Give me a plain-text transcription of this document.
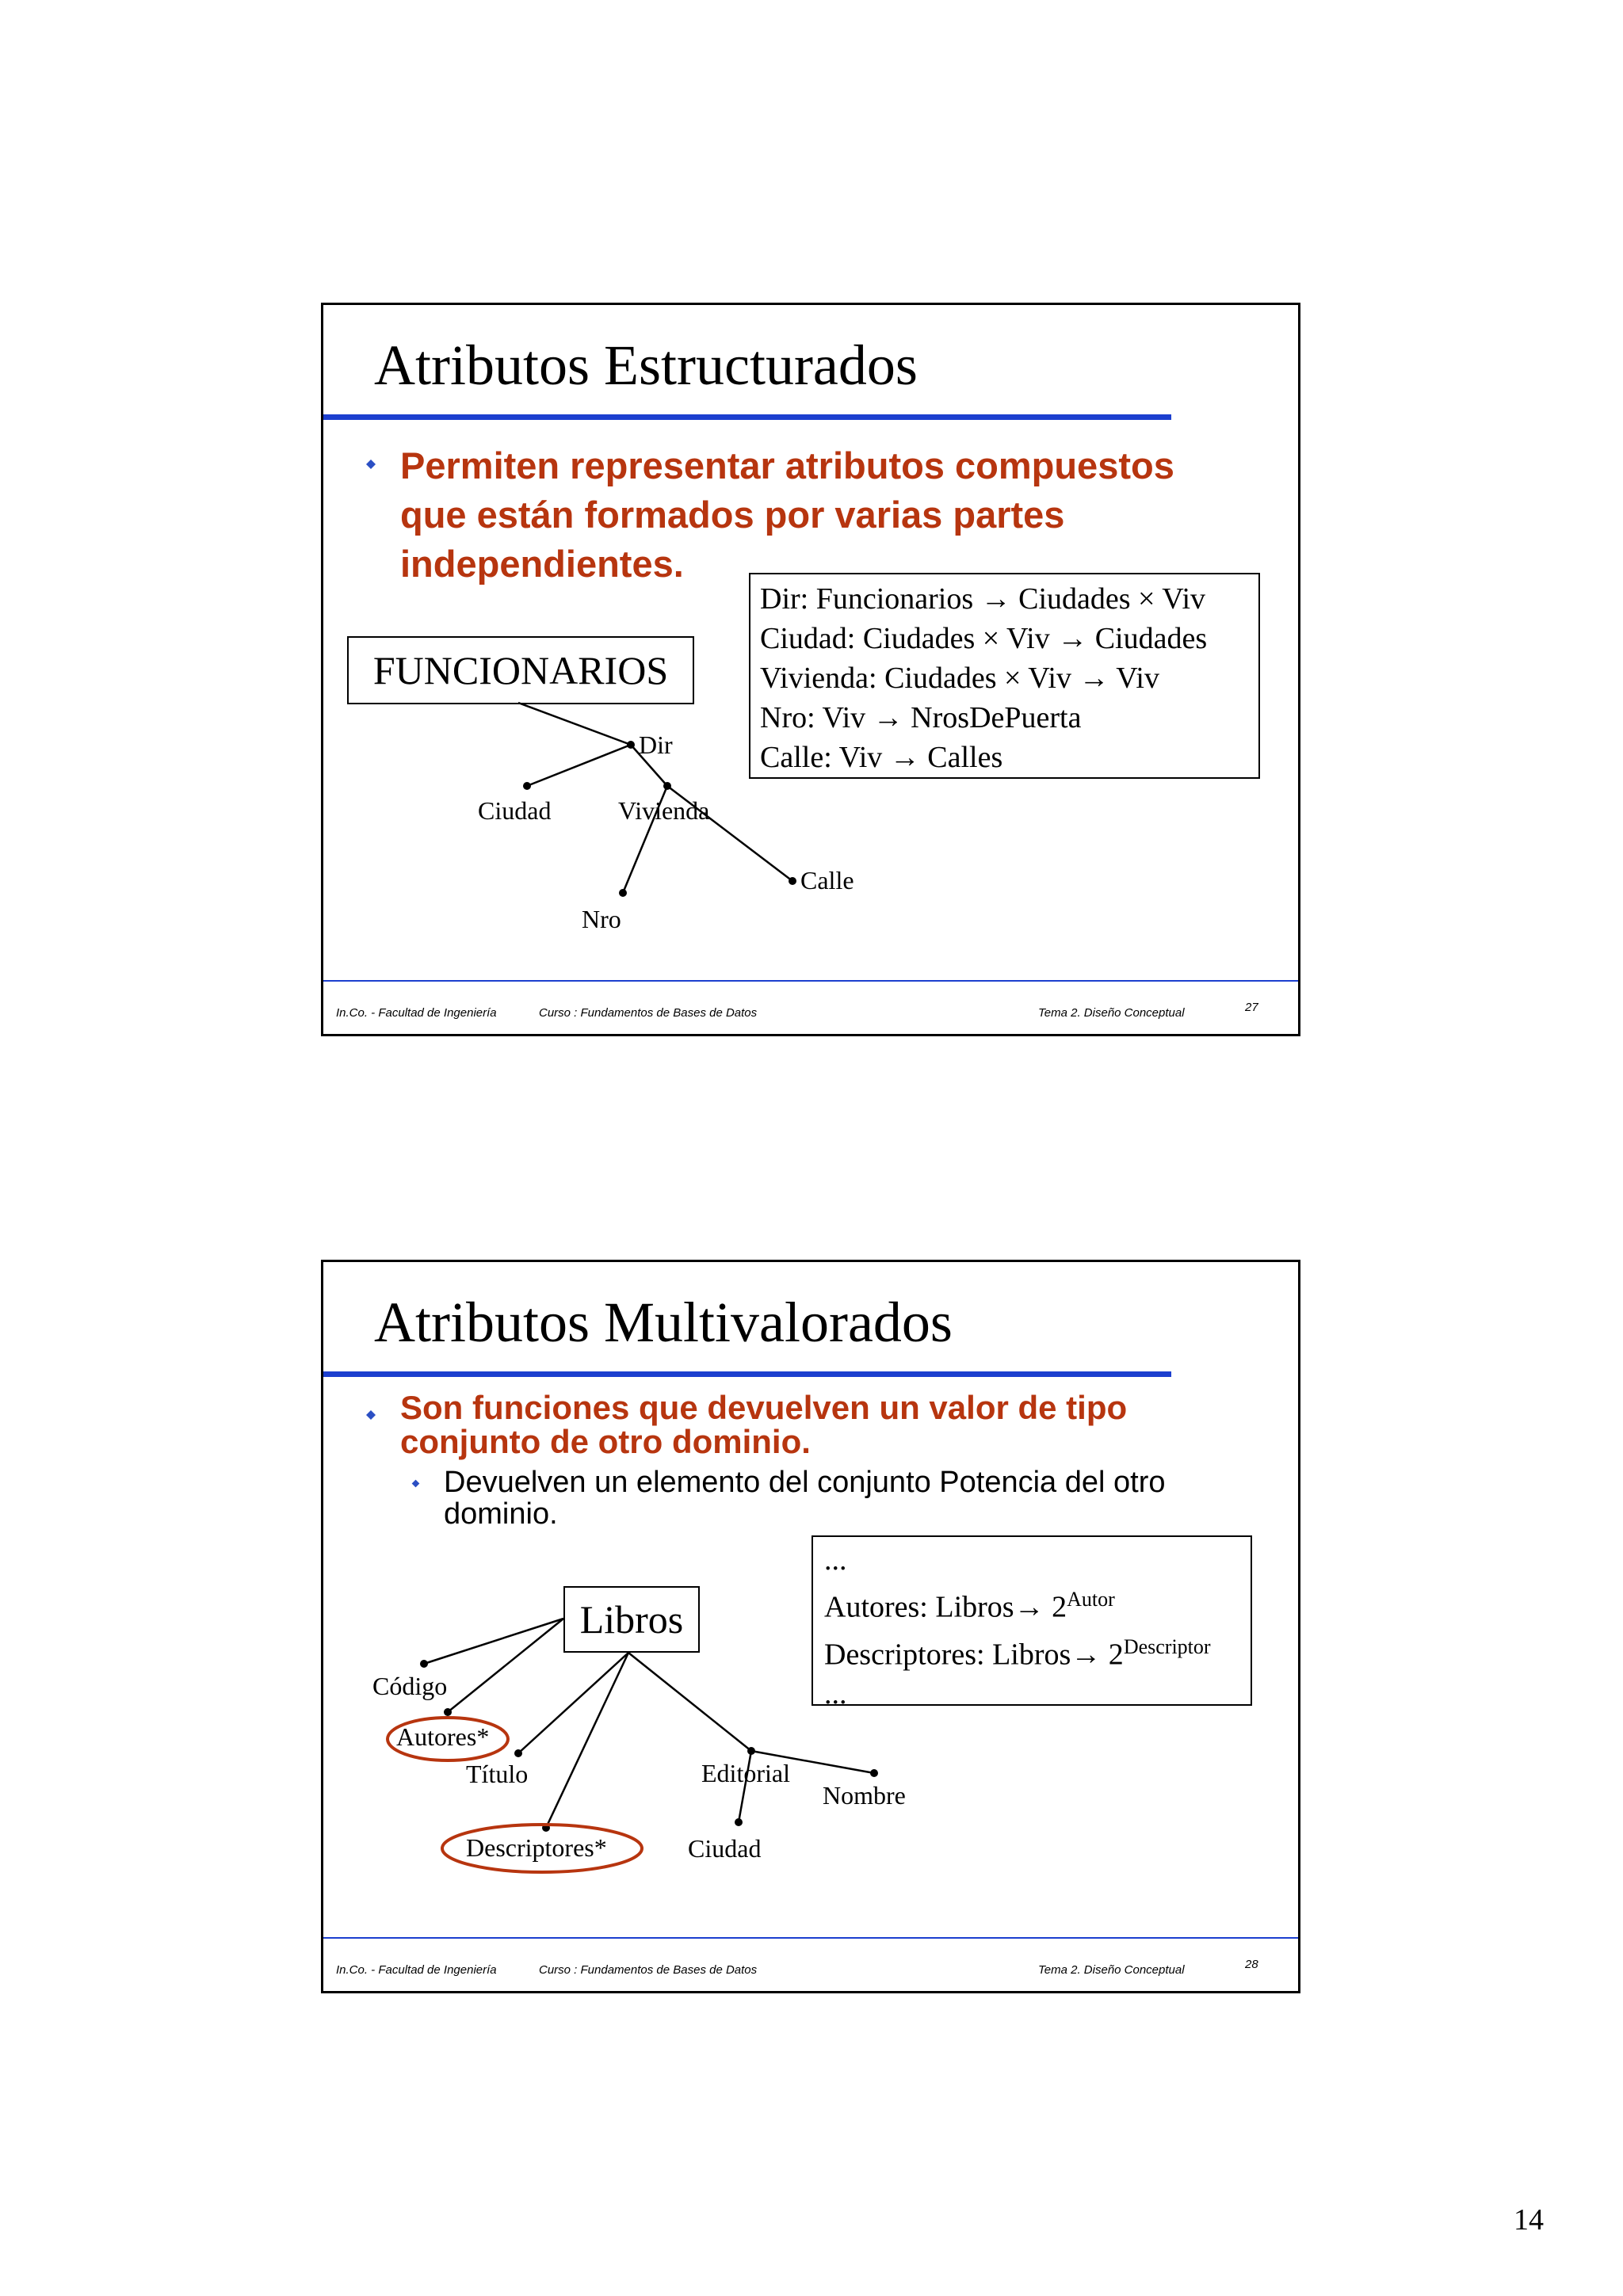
Atributos Estructurados
Permiten representar atributos compuestos
que están formados por varias partes
independientes.
FUNCIONARIOS
Dir: Funcionarios → Ciudades × Viv
Ciudad: Ciudades × Viv → Ciudades
Vivienda: Ciudades × Viv → Viv
Nro: Viv → NrosDePuerta
Calle: Viv → Calles
Dir
Ciudad	Vivienda
Nro
Calle
In.Co. - Facultad de Ingeniería	Curso : Fundamentos de Bases de Datos	Tema 2. Diseño Conceptual	27
Atributos Multivalorados
Son funciones que devuelven un valor de tipo
conjunto de otro dominio.
Devuelven un elemento del conjunto Potencia del otro
dominio.
Libros
...
Autores: Libros→ $2^{Autor}$
Descriptores: Libros→ $2^{Descriptor}$
...
Código
Autores*
Título
Descriptores*
Editorial
Nombre
Ciudad
In.Co. - Facultad de Ingeniería	Curso : Fundamentos de Bases de Datos	Tema 2. Diseño Conceptual	28
14
